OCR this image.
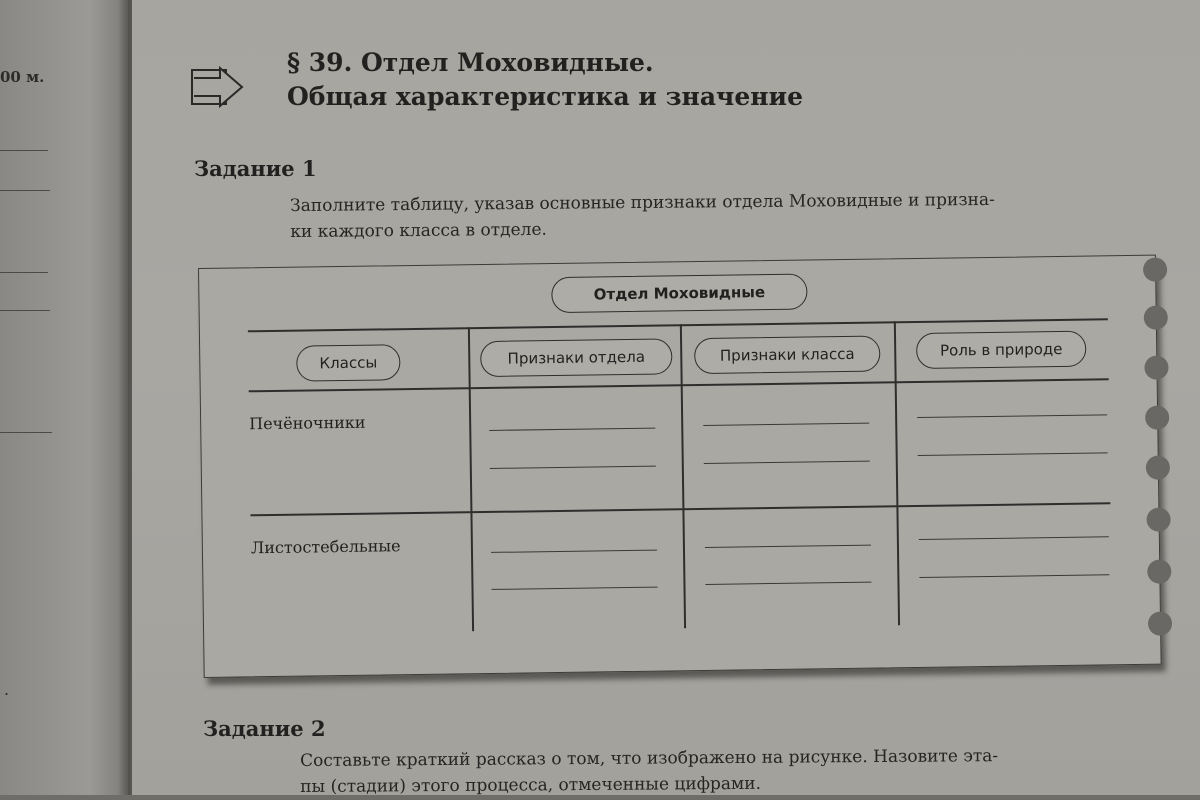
00 м.
.
§ 39. Отдел Моховидные.
Общая характеристика и значение
Задание 1
Заполните таблицу, указав основные признаки отдела Моховидные и призна-
ки каждого класса в отделе.
Отдел Моховидные
Классы	Признаки отдела	Признаки класса	Роль в природе
Печёночники
Листостебельные
Задание 2
Составьте краткий рассказ о том, что изображено на рисунке. Назовите эта-
пы (стадии) этого процесса, отмеченные цифрами.
